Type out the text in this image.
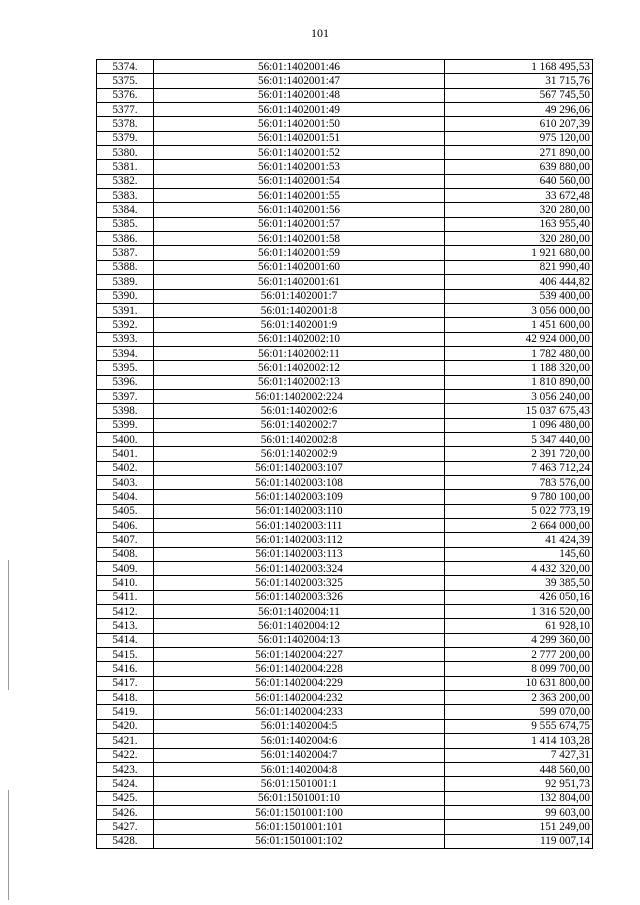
101
5374.	56:01:1402001:46	1 168 495,53
5375.	56:01:1402001:47	31 715,76
5376.	56:01:1402001:48	567 745,50
5377.	56:01:1402001:49	49 296,06
5378.	56:01:1402001:50	610 207,39
5379.	56:01:1402001:51	975 120,00
5380.	56:01:1402001:52	271 890,00
5381.	56:01:1402001:53	639 880,00
5382.	56:01:1402001:54	640 560,00
5383.	56:01:1402001:55	33 672,48
5384.	56:01:1402001:56	320 280,00
5385.	56:01:1402001:57	163 955,40
5386.	56:01:1402001:58	320 280,00
5387.	56:01:1402001:59	1 921 680,00
5388.	56:01:1402001:60	821 990,40
5389.	56:01:1402001:61	406 444,82
5390.	56:01:1402001:7	539 400,00
5391.	56:01:1402001:8	3 056 000,00
5392.	56:01:1402001:9	1 451 600,00
5393.	56:01:1402002:10	42 924 000,00
5394.	56:01:1402002:11	1 782 480,00
5395.	56:01:1402002:12	1 188 320,00
5396.	56:01:1402002:13	1 810 890,00
5397.	56:01:1402002:224	3 056 240,00
5398.	56:01:1402002:6	15 037 675,43
5399.	56:01:1402002:7	1 096 480,00
5400.	56:01:1402002:8	5 347 440,00
5401.	56:01:1402002:9	2 391 720,00
5402.	56:01:1402003:107	7 463 712,24
5403.	56:01:1402003:108	783 576,00
5404.	56:01:1402003:109	9 780 100,00
5405.	56:01:1402003:110	5 022 773,19
5406.	56:01:1402003:111	2 664 000,00
5407.	56:01:1402003:112	41 424,39
5408.	56:01:1402003:113	145,60
5409.	56:01:1402003:324	4 432 320,00
5410.	56:01:1402003:325	39 385,50
5411.	56:01:1402003:326	426 050,16
5412.	56:01:1402004:11	1 316 520,00
5413.	56:01:1402004:12	61 928,10
5414.	56:01:1402004:13	4 299 360,00
5415.	56:01:1402004:227	2 777 200,00
5416.	56:01:1402004:228	8 099 700,00
5417.	56:01:1402004:229	10 631 800,00
5418.	56:01:1402004:232	2 363 200,00
5419.	56:01:1402004:233	599 070,00
5420.	56:01:1402004:5	9 555 674,75
5421.	56:01:1402004:6	1 414 103,28
5422.	56:01:1402004:7	7 427,31
5423.	56:01:1402004:8	448 560,00
5424.	56:01:1501001:1	92 951,73
5425.	56:01:1501001:10	132 804,00
5426.	56:01:1501001:100	99 603,00
5427.	56:01:1501001:101	151 249,00
5428.	56:01:1501001:102	119 007,14
